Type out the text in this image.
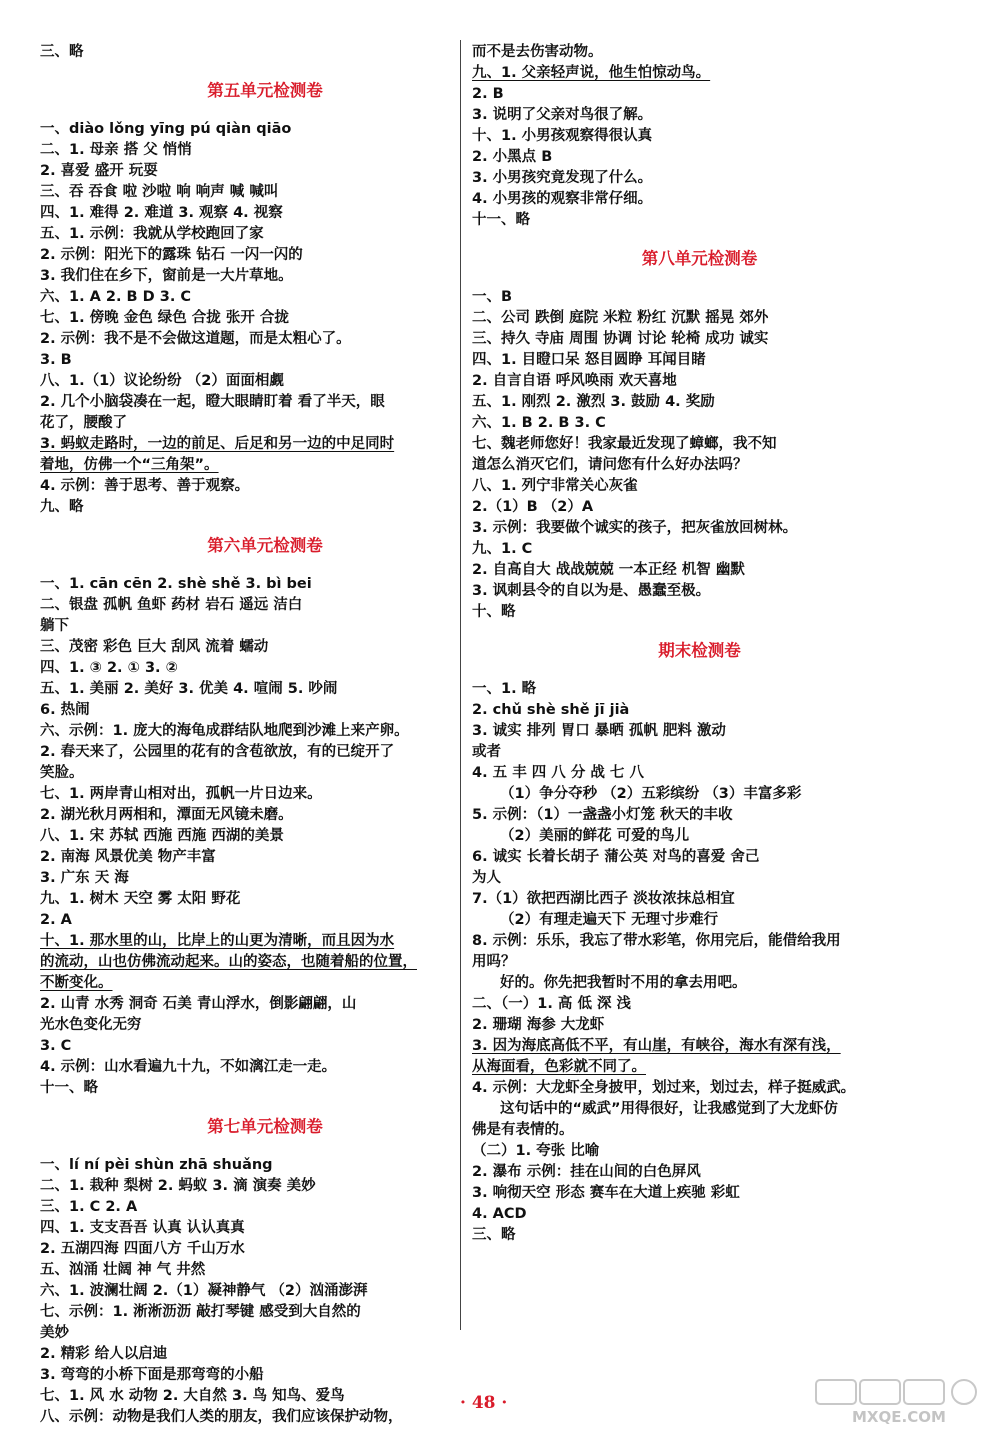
三、略
第五单元检测卷
一、diào lǒng yīng pú qiàn qiāo
二、1. 母亲 搭 父 悄悄
2. 喜爱 盛开 玩耍
三、吞 吞食 啦 沙啦 响 响声 喊 喊叫
四、1. 难得 2. 难道 3. 观察 4. 视察
五、1. 示例：我就从学校跑回了家
2. 示例：阳光下的露珠 钻石 一闪一闪的
3. 我们住在乡下，窗前是一大片草地。
六、1. A 2. B D 3. C
七、1. 傍晚 金色 绿色 合拢 张开 合拢
2. 示例：我不是不会做这道题，而是太粗心了。
3. B
八、1.（1）议论纷纷 （2）面面相觑
2. 几个小脑袋凑在一起，瞪大眼睛盯着 看了半天，眼
花了，腰酸了
3. 蚂蚁走路时，一边的前足、后足和另一边的中足同时
着地，仿佛一个“三角架”。
4. 示例：善于思考、善于观察。
九、略
第六单元检测卷
一、1. cān cēn 2. shè shě 3. bì bei
二、银盘 孤帆 鱼虾 药材 岩石 遥远 洁白
躺下
三、茂密 彩色 巨大 刮风 流着 蠕动
四、1. ③ 2. ① 3. ②
五、1. 美丽 2. 美好 3. 优美 4. 喧闹 5. 吵闹
6. 热闹
六、示例：1. 庞大的海龟成群结队地爬到沙滩上来产卵。
2. 春天来了，公园里的花有的含苞欲放，有的已绽开了
笑脸。
七、1. 两岸青山相对出，孤帆一片日边来。
2. 湖光秋月两相和，潭面无风镜未磨。
八、1. 宋 苏轼 西施 西施 西湖的美景
2. 南海 风景优美 物产丰富
3. 广东 天 海
九、1. 树木 天空 雾 太阳 野花
2. A
十、1. 那水里的山，比岸上的山更为清晰，而且因为水
的流动，山也仿佛流动起来。山的姿态，也随着船的位置，
不断变化。
2. 山青 水秀 洞奇 石美 青山浮水，倒影翩翩，山
光水色变化无穷
3. C
4. 示例：山水看遍九十九，不如漓江走一走。
十一、略
第七单元检测卷
一、lí ní pèi shùn zhā shuǎng
二、1. 栽种 梨树 2. 蚂蚁 3. 滴 演奏 美妙
三、1. C 2. A
四、1. 支支吾吾 认真 认认真真
2. 五湖四海 四面八方 千山万水
五、汹涌 壮阔 神 气 井然
六、1. 波澜壮阔 2.（1）凝神静气 （2）汹涌澎湃
七、示例：1. 淅淅沥沥 敲打琴键 感受到大自然的
美妙
2. 精彩 给人以启迪
3. 弯弯的小桥下面是那弯弯的小船
七、1. 风 水 动物 2. 大自然 3. 鸟 知鸟、爱鸟
八、示例：动物是我们人类的朋友，我们应该保护动物，
而不是去伤害动物。
九、1. 父亲轻声说，他生怕惊动鸟。
2. B
3. 说明了父亲对鸟很了解。
十、1. 小男孩观察得很认真
2. 小黑点 B
3. 小男孩究竟发现了什么。
4. 小男孩的观察非常仔细。
十一、略
第八单元检测卷
一、B
二、公司 跌倒 庭院 米粒 粉红 沉默 摇晃 郊外
三、持久 寺庙 周围 协调 讨论 轮椅 成功 诚实
四、1. 目瞪口呆 怒目圆睁 耳闻目睹
2. 自言自语 呼风唤雨 欢天喜地
五、1. 刚烈 2. 激烈 3. 鼓励 4. 奖励
六、1. B 2. B 3. C
七、魏老师您好！我家最近发现了蟑螂，我不知
道怎么消灭它们，请问您有什么好办法吗？
八、1. 列宁非常关心灰雀
2.（1）B （2）A
3. 示例：我要做个诚实的孩子，把灰雀放回树林。
九、1. C
2. 自高自大 战战兢兢 一本正经 机智 幽默
3. 讽刺县令的自以为是、愚蠢至极。
十、略
期末检测卷
一、1. 略
2. chǔ shè shě jī jià
3. 诚实 排列 胃口 暴晒 孤帆 肥料 激动
或者
4. 五 丰 四 八 分 战 七 八
（1）争分夺秒 （2）五彩缤纷 （3）丰富多彩
5. 示例：（1）一盏盏小灯笼 秋天的丰收
（2）美丽的鲜花 可爱的鸟儿
6. 诚实 长着长胡子 蒲公英 对鸟的喜爱 舍己
为人
7.（1）欲把西湖比西子 淡妆浓抹总相宜
（2）有理走遍天下 无理寸步难行
8. 示例：乐乐，我忘了带水彩笔，你用完后，能借给我用
用吗？
好的。你先把我暂时不用的拿去用吧。
二、（一）1. 高 低 深 浅
2. 珊瑚 海参 大龙虾
3. 因为海底高低不平，有山崖，有峡谷，海水有深有浅，
从海面看，色彩就不同了。
4. 示例：大龙虾全身披甲，划过来，划过去，样子挺威武。
这句话中的“威武”用得很好，让我感觉到了大龙虾仿
佛是有表情的。
（二）1. 夸张 比喻
2. 瀑布 示例：挂在山间的白色屏风
3. 响彻天空 形态 赛车在大道上疾驰 彩虹
4. ACD
三、略
· 48 ·
MXQE.COM
